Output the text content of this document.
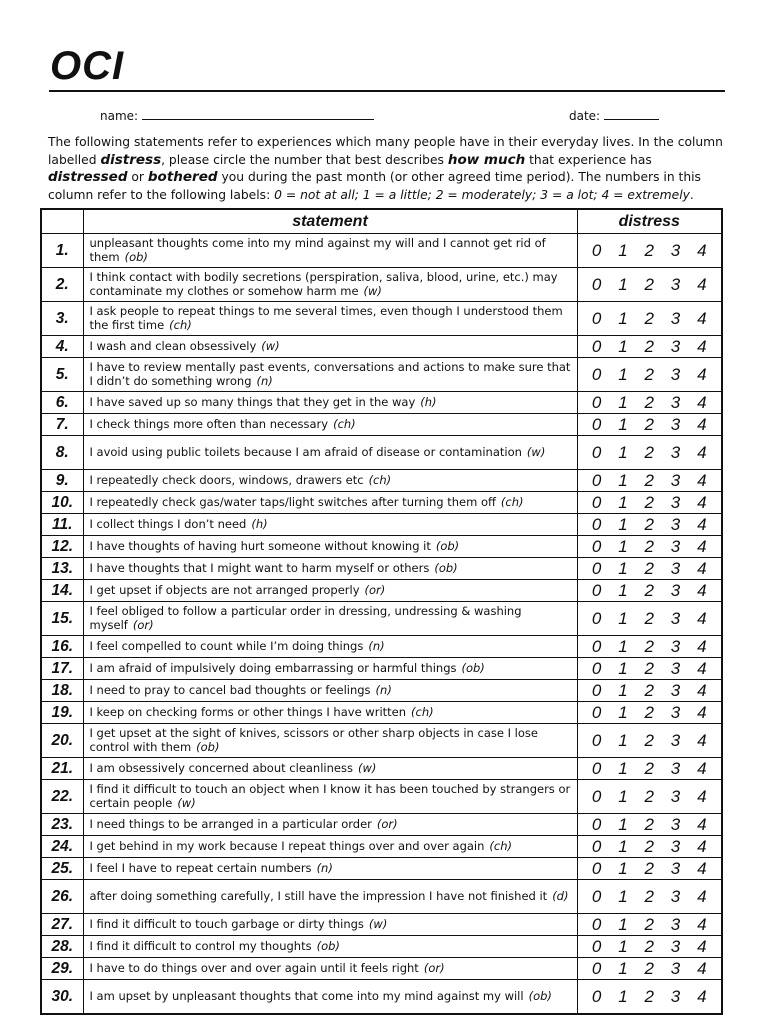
OCI
name:	date:
The following statements refer to experiences which many people have in their everyday lives. In the column labelled distress, please circle the number that best describes how much that experience has distressed or bothered you during the past month (or other agreed time period). The numbers in this column refer to the following labels: 0 = not at all; 1 = a little; 2 = moderately; 3 = a lot; 4 = extremely.
	statement	distress
1.	unpleasant thoughts come into my mind against my will and I cannot get rid of them (ob)	0 1 2 3 4

2.	I think contact with bodily secretions (perspiration, saliva, blood, urine, etc.) may contaminate my clothes or somehow harm me (w)	0 1 2 3 4

3.	I ask people to repeat things to me several times, even though I understood them the first time (ch)	0 1 2 3 4

4.	I wash and clean obsessively (w)	0 1 2 3 4

5.	I have to review mentally past events, conversations and actions to make sure that I didn’t do something wrong (n)	0 1 2 3 4

6.	I have saved up so many things that they get in the way (h)	0 1 2 3 4

7.	I check things more often than necessary (ch)	0 1 2 3 4

8.	I avoid using public toilets because I am afraid of disease or contamination (w)	0 1 2 3 4

9.	I repeatedly check doors, windows, drawers etc (ch)	0 1 2 3 4

10.	I repeatedly check gas/water taps/light switches after turning them off (ch)	0 1 2 3 4

11.	I collect things I don’t need (h)	0 1 2 3 4

12.	I have thoughts of having hurt someone without knowing it (ob)	0 1 2 3 4

13.	I have thoughts that I might want to harm myself or others (ob)	0 1 2 3 4

14.	I get upset if objects are not arranged properly (or)	0 1 2 3 4

15.	I feel obliged to follow a particular order in dressing, undressing & washing myself (or)	0 1 2 3 4

16.	I feel compelled to count while I’m doing things (n)	0 1 2 3 4

17.	I am afraid of impulsively doing embarrassing or harmful things (ob)	0 1 2 3 4

18.	I need to pray to cancel bad thoughts or feelings (n)	0 1 2 3 4

19.	I keep on checking forms or other things I have written (ch)	0 1 2 3 4

20.	I get upset at the sight of knives, scissors or other sharp objects in case I lose control with them (ob)	0 1 2 3 4

21.	I am obsessively concerned about cleanliness (w)	0 1 2 3 4

22.	I find it difficult to touch an object when I know it has been touched by strangers or certain people (w)	0 1 2 3 4

23.	I need things to be arranged in a particular order (or)	0 1 2 3 4

24.	I get behind in my work because I repeat things over and over again (ch)	0 1 2 3 4

25.	I feel I have to repeat certain numbers (n)	0 1 2 3 4

26.	after doing something carefully, I still have the impression I have not finished it (d)	0 1 2 3 4

27.	I find it difficult to touch garbage or dirty things (w)	0 1 2 3 4

28.	I find it difficult to control my thoughts (ob)	0 1 2 3 4

29.	I have to do things over and over again until it feels right (or)	0 1 2 3 4

30.	I am upset by unpleasant thoughts that come into my mind against my will (ob)	0 1 2 3 4
